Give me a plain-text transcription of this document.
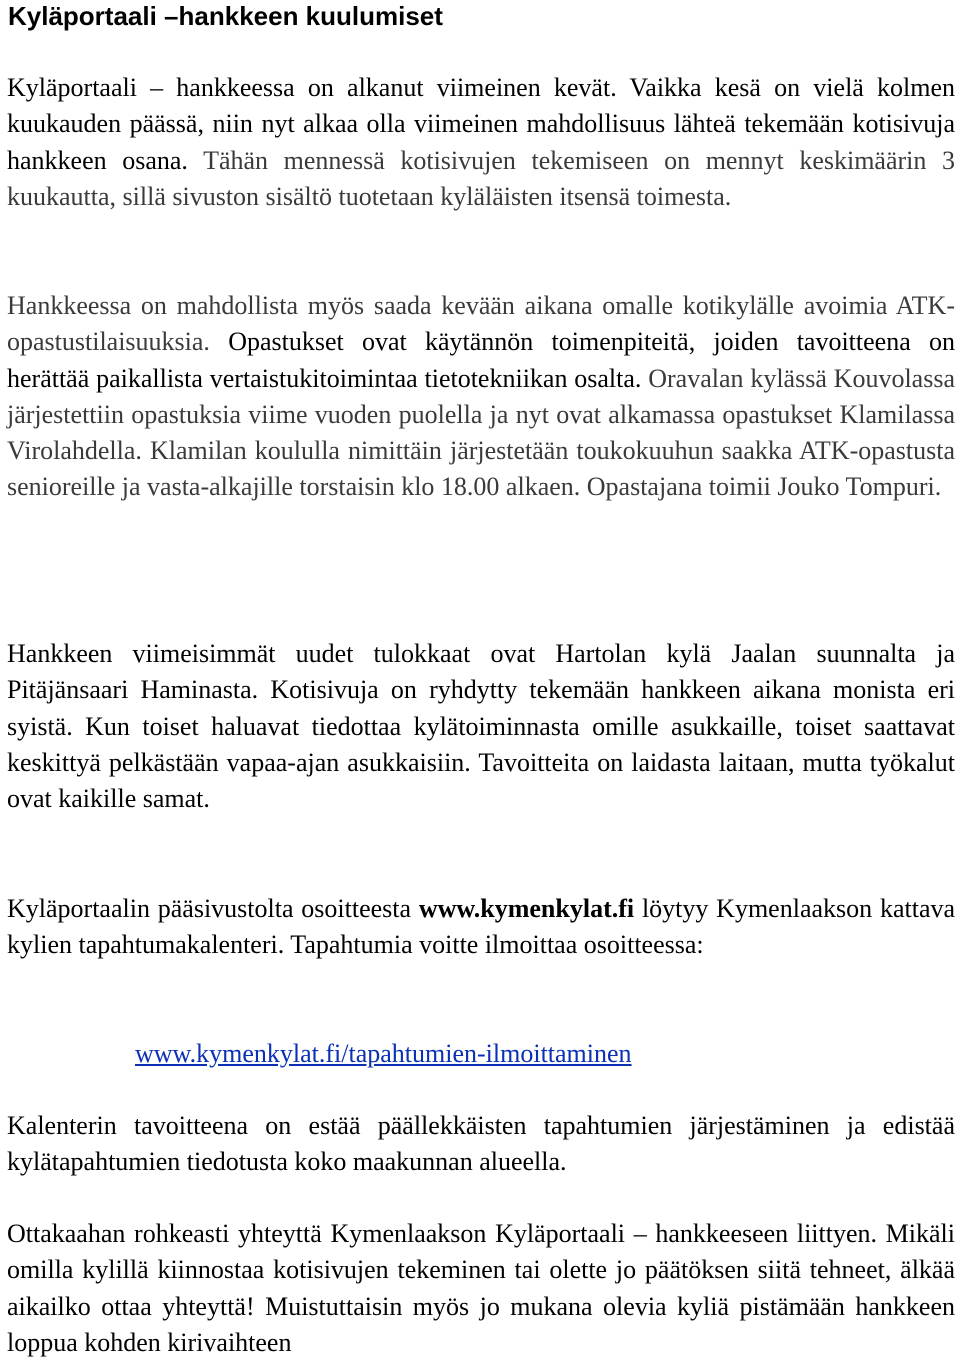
Kyläportaali –hankkeen kuulumiset

Kyläportaali – hankkeessa on alkanut viimeinen kevät. Vaikka kesä on vielä kolmen kuukauden päässä, niin nyt alkaa olla viimeinen mahdollisuus lähteä tekemään kotisivuja hankkeen osana. Tähän mennessä kotisivujen tekemiseen on mennyt keskimäärin 3 kuukautta, sillä sivuston sisältö tuotetaan kyläläisten itsensä toimesta.

Hankkeessa on mahdollista myös saada kevään aikana omalle kotikylälle avoimia ATK-opastustilaisuuksia. Opastukset ovat käytännön toimenpiteitä, joiden tavoitteena on herättää paikallista vertaistukitoimintaa tietotekniikan osalta. Oravalan kylässä Kouvolassa järjestettiin opastuksia viime vuoden puolella ja nyt ovat alkamassa opastukset Klamilassa Virolahdella. Klamilan koululla nimittäin järjestetään toukokuuhun saakka ATK-opastusta senioreille ja vasta-alkajille torstaisin klo 18.00 alkaen. Opastajana toimii Jouko Tompuri.

Hankkeen viimeisimmät uudet tulokkaat ovat Hartolan kylä Jaalan suunnalta ja Pitäjänsaari Haminasta. Kotisivuja on ryhdytty tekemään hankkeen aikana monista eri syistä. Kun toiset haluavat tiedottaa kylätoiminnasta omille asukkaille, toiset saattavat keskittyä pelkästään vapaa-ajan asukkaisiin. Tavoitteita on laidasta laitaan, mutta työkalut ovat kaikille samat.

Kyläportaalin pääsivustolta osoitteesta www.kymenkylat.fi löytyy Kymenlaakson kattava kylien tapahtumakalenteri. Tapahtumia voitte ilmoittaa osoitteessa:

www.kymenkylat.fi/tapahtumien-ilmoittaminen

Kalenterin tavoitteena on estää päällekkäisten tapahtumien järjestäminen ja edistää kylätapahtumien tiedotusta koko maakunnan alueella.

Ottakaahan rohkeasti yhteyttä Kymenlaakson Kyläportaali – hankkeeseen liittyen. Mikäli omilla kylillä kiinnostaa kotisivujen tekeminen tai olette jo päätöksen siitä tehneet, älkää aikailko ottaa yhteyttä! Muistuttaisin myös jo mukana olevia kyliä pistämään hankkeen loppua kohden kirivaihteen
